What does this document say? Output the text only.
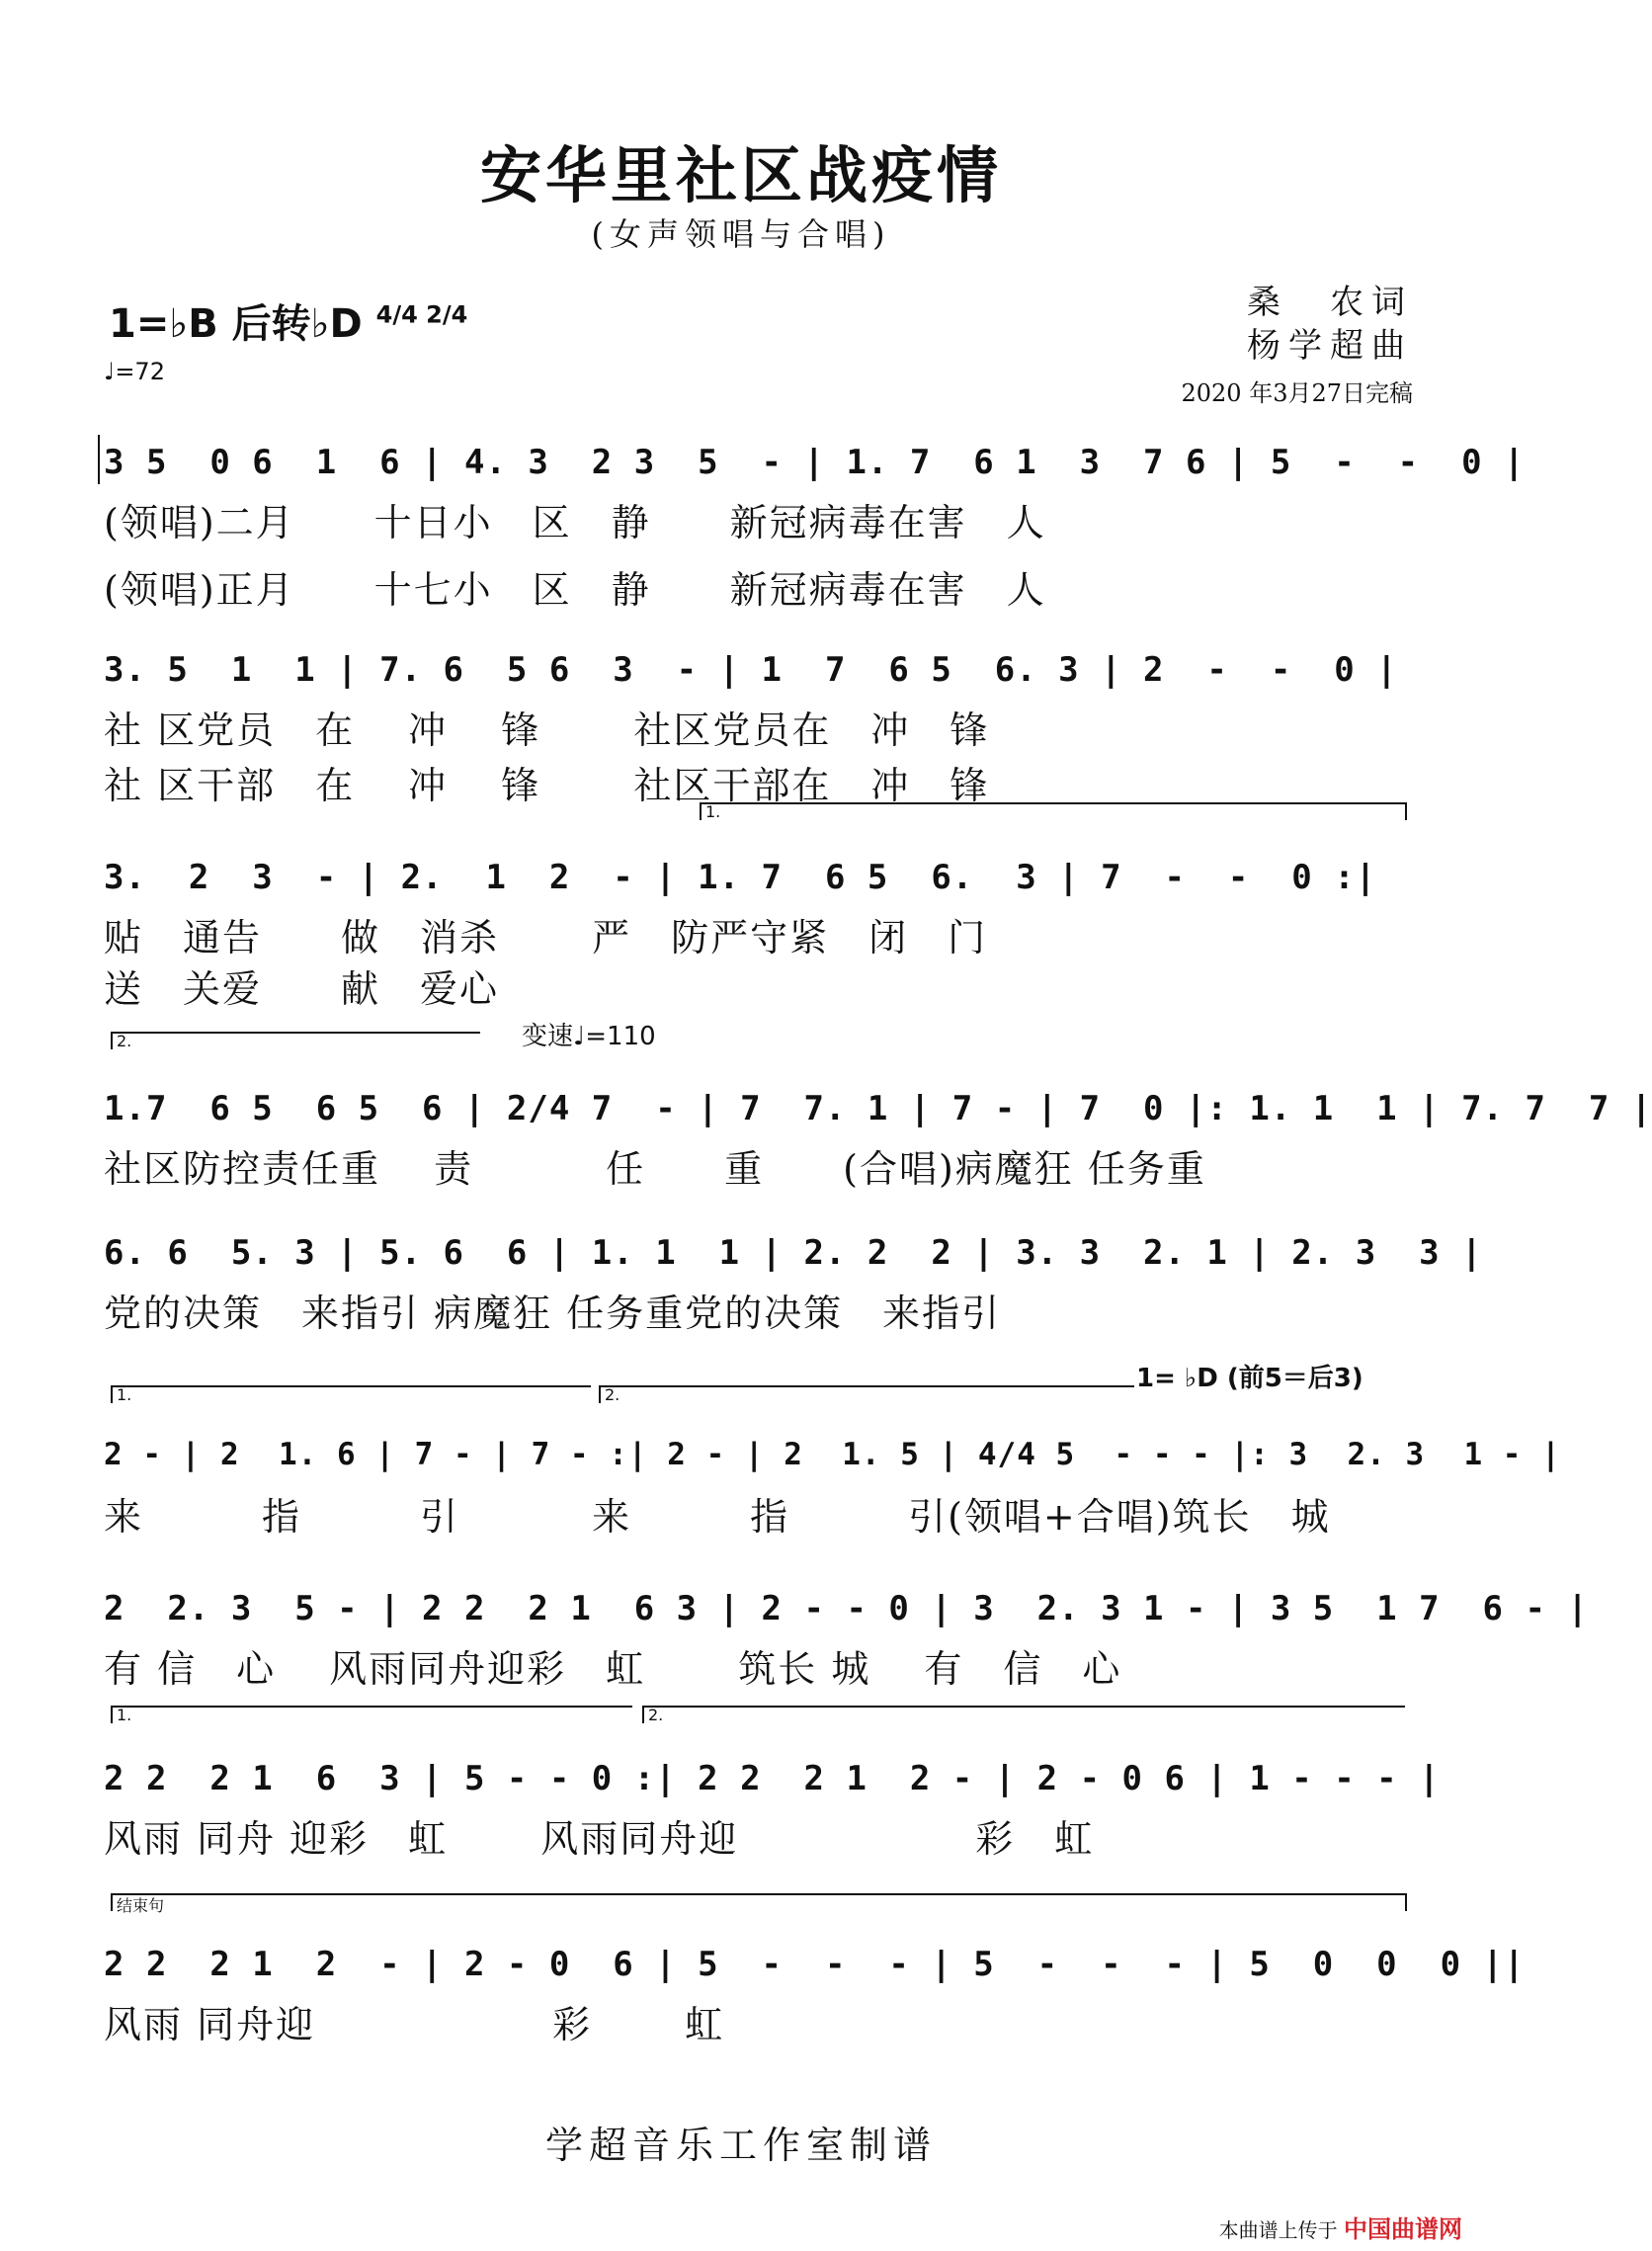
安华里社区战疫情
(女声领唱与合唱)
1=♭B 后转♭D $^{4/4 2/4}$
♩=72
桑　农词
杨学超曲
2020 年3月27日完稿
3 5  0 6  1  6 | 4. 3  2 3  5  - | 1. 7  6 1  3  7 6 | 5  -  -  0 |
(领唱)二月　　十日小　区　静　　新冠病毒在害　人
(领唱)正月　　十七小　区　静　　新冠病毒在害　人
3. 5  1  1 | 7. 6  5 6  3  - | 1  7  6 5  6. 3 | 2  -  -  0 |
社 区党员　在　 冲　 锋　　 社区党员在　冲　锋
社 区干部　在　 冲　 锋　　 社区干部在　冲　锋
1.
3.  2  3  - | 2.  1  2  - | 1. 7  6 5  6.  3 | 7  -  -  0 :|
贴　通告　　做　消杀　　 严　防严守紧　闭　门
送　关爱　　献　爱心
变速♩=110
2.
1.7  6 5  6 5  6 | 2/4 7  - | 7  7. 1 | 7 - | 7  0 |: 1. 1  1 | 7. 7  7 |
社区防控责任重　 责　　　 任　　重　　(合唱)病魔狂 任务重
6. 6  5. 3 | 5. 6  6 | 1. 1  1 | 2. 2  2 | 3. 3  2. 1 | 2. 3  3 |
党的决策　来指引 病魔狂 任务重党的决策　来指引
1= ♭D (前5＝后3)
1.	2.
2 - | 2  1. 6 | 7 - | 7 - :| 2 - | 2  1. 5 | 4/4 5  - - - |: 3  2. 3  1 - |
来　　　指　　　引　　　 来　　　指　　　引(领唱+合唱)筑长　城
2  2. 3  5 - | 2 2  2 1  6 3 | 2 - - 0 | 3  2. 3 1 - | 3 5  1 7  6 - |
有 信　心　 风雨同舟迎彩　虹　　 筑长 城　 有　信　心
1.	2.
2 2  2 1  6  3 | 5 - - 0 :| 2 2  2 1  2 - | 2 - 0 6 | 1 - - - |
风雨 同舟 迎彩　虹　　 风雨同舟迎　　　　　　彩　虹
结束句
2 2  2 1  2  - | 2 - 0  6 | 5  -  -  - | 5  -  -  - | 5  0  0  0 ||
风雨 同舟迎　　　　　　彩　　 虹
学超音乐工作室制谱
本曲谱上传于 中国曲谱网
